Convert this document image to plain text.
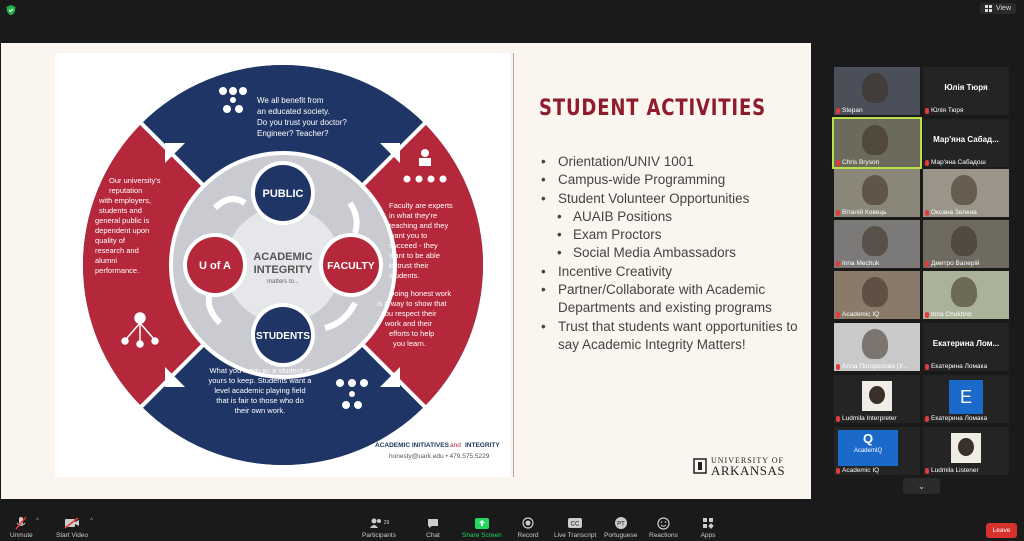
View
PUBLIC
U of A	FACULTY
STUDENTS
ACADEMIC
INTEGRITY
matters to...
We all benefit from
an educated society.
Do you trust your doctor?
Engineer? Teacher?
Our university's
reputation
with employers,
students and
general public is
dependent upon
quality of
research and
alumni
performance.
Faculty are experts
in what they're
teaching and they
want you to
succeed - they
want to be able
to trust their
students.
Doing honest work
is a way to show that
you respect their
work and their
efforts to help
you learn.
What you learn as a student is
yours to keep. Students want a
level academic playing field
that is fair to those who do
their own work.
ACADEMIC INITIATIVES and INTEGRITY
honesty@uark.edu • 479.575.5229
STUDENT ACTIVITIES
• Orientation/UNIV 1001
• Campus-wide Programming
• Student Volunteer Opportunities
• AUAIB Positions
• Exam Proctors
• Social Media Ambassadors
• Incentive Creativity
• Partner/Collaborate with Academic Departments and existing programs
• Trust that students want opportunities to say Academic Integrity Matters!
UNIVERSITY OF
ARKANSAS
Stepan
Юлія Тюря
Юлія Тюря
Chris Bryson
Мар'яна Сабад...
Мар'яна Сабадош
Віталій Ковець	Оксана Зелена
Inna Mechuk	Дмитро Валерій
Academic IQ	Inna Chukhno
Алла Погорєлова (У...
Екатерина Лом...
Екатерина Ломака
Ludmila Interpreter
E
Екатерина Ломака
Q
AcademIQ
Academic IQ	Ludmila Listener
⌄
Unmute
^
Start Video
^	29
Participants	Chat	Share Screen Record
CC
Live Transcript
PT
Portuguese Reactions	Apps
Leave
